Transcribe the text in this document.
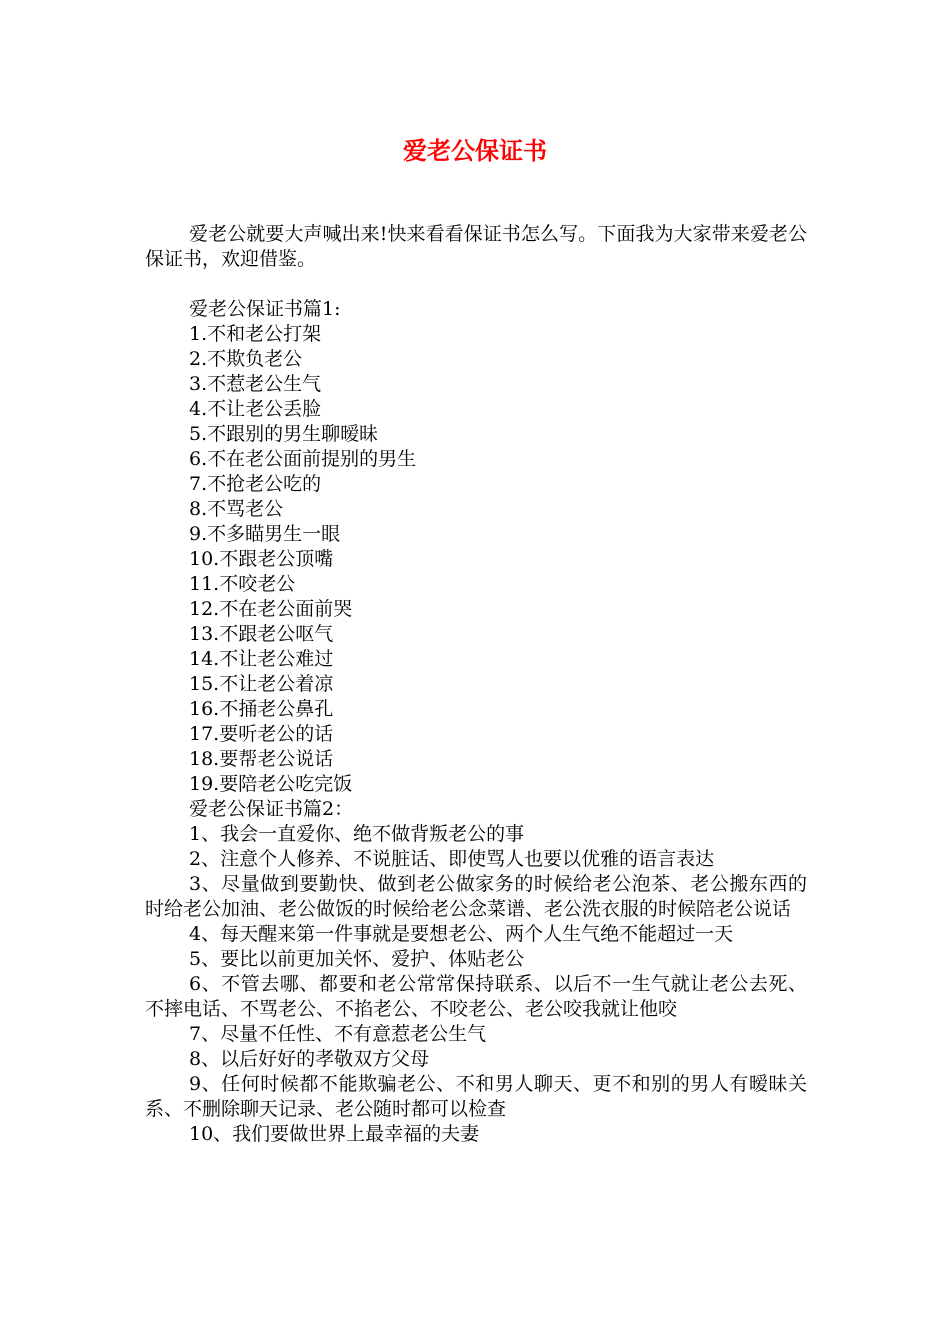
爱老公保证书

爱老公就要大声喊出来!快来看看保证书怎么写。下面我为大家带来爱老公保证书，欢迎借鉴。

爱老公保证书篇1:

1.不和老公打架

2.不欺负老公

3.不惹老公生气

4.不让老公丢脸

5.不跟别的男生聊暧昧

6.不在老公面前提别的男生

7.不抢老公吃的

8.不骂老公

9.不多瞄男生一眼

10.不跟老公顶嘴

11.不咬老公

12.不在老公面前哭

13.不跟老公呕气

14.不让老公难过

15.不让老公着凉

16.不捅老公鼻孔

17.要听老公的话

18.要帮老公说话

19.要陪老公吃完饭

爱老公保证书篇2：

1、我会一直爱你、绝不做背叛老公的事

2、注意个人修养、不说脏话、即使骂人也要以优雅的语言表达

3、尽量做到要勤快、做到老公做家务的时候给老公泡茶、老公搬东西的时给老公加油、老公做饭的时候给老公念菜谱、老公洗衣服的时候陪老公说话

4、每天醒来第一件事就是要想老公、两个人生气绝不能超过一天

5、要比以前更加关怀、爱护、体贴老公

6、不管去哪、都要和老公常常保持联系、以后不一生气就让老公去死、不摔电话、不骂老公、不掐老公、不咬老公、老公咬我就让他咬

7、尽量不任性、不有意惹老公生气

8、以后好好的孝敬双方父母

9、任何时候都不能欺骗老公、不和男人聊天、更不和别的男人有暧昧关系、不删除聊天记录、老公随时都可以检查

10、我们要做世界上最幸福的夫妻
